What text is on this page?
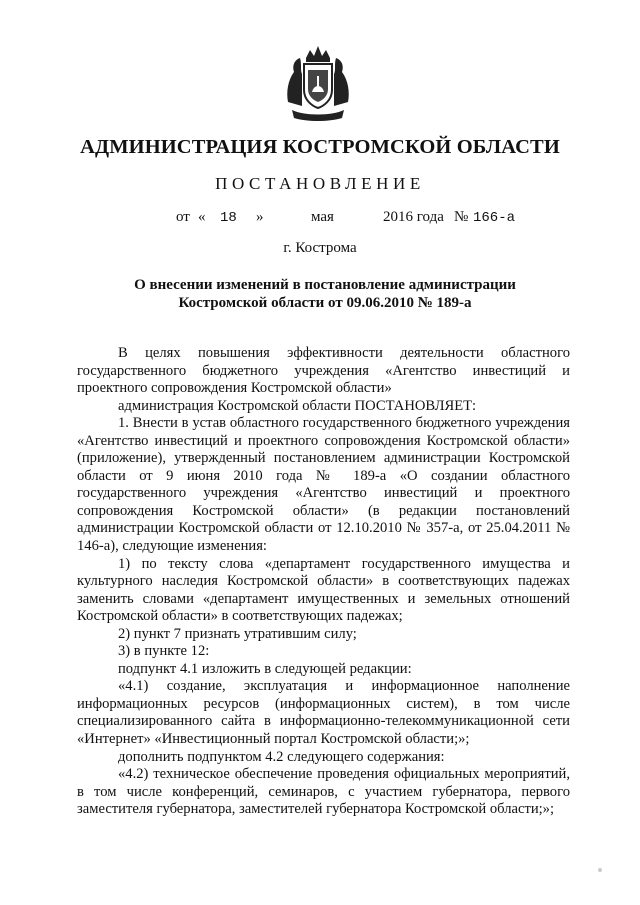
АДМИНИСТРАЦИЯ КОСТРОМСКОЙ ОБЛАСТИ
ПОСТАНОВЛЕНИЕ
от « 18 »	мая	2016 года № 166-а
г. Кострома
О внесении изменений в постановление администрации
Костромской области от 09.06.2010 № 189-а

В целях повышения эффективности деятельности областного государственного бюджетного учреждения «Агентство инвестиций и проектного сопровождения Костромской области»

администрация Костромской области ПОСТАНОВЛЯЕТ:

1. Внести в устав областного государственного бюджетного учреждения «Агентство инвестиций и проектного сопровождения Костромской области» (приложение), утвержденный постановлением администрации Костромской области от 9 июня 2010 года № 189-а «О создании областного государственного учреждения «Агентство инвестиций и проектного сопровождения Костромской области» (в редакции постановлений администрации Костромской области от 12.10.2010 № 357-а, от 25.04.2011 № 146-а), следующие изменения:

1) по тексту слова «департамент государственного имущества и культурного наследия Костромской области» в соответствующих падежах заменить словами «департамент имущественных и земельных отношений Костромской области» в соответствующих падежах;

2) пункт 7 признать утратившим силу;

3) в пункте 12:

подпункт 4.1 изложить в следующей редакции:

«4.1) создание, эксплуатация и информационное наполнение информационных ресурсов (информационных систем), в том числе специализированного сайта в информационно-телекоммуникационной сети «Интернет» «Инвестиционный портал Костромской области;»;

дополнить подпунктом 4.2 следующего содержания:

«4.2) техническое обеспечение проведения официальных мероприятий, в том числе конференций, семинаров, с участием губернатора, первого заместителя губернатора, заместителей губернатора Костромской области;»;
